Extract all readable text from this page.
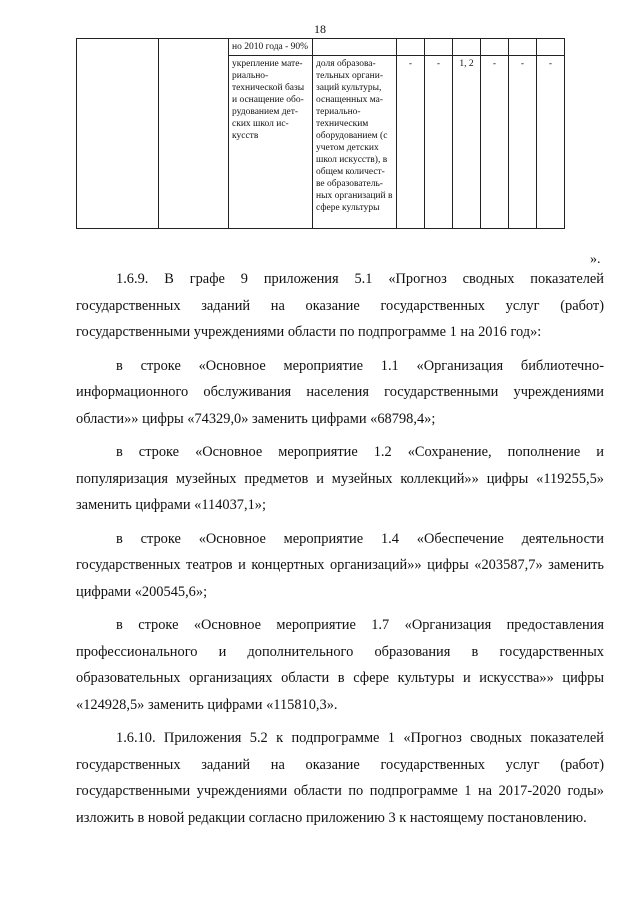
18
		но 2010 года - 90%							
		укрепление мате-риально-технической базы и оснащение обо-рудованием дет-ских школ ис-кусств	доля образова-тельных органи-заций культуры, оснащенных ма-териально-техническим оборудованием (с учетом детских школ искусств), в общем количест-ве образователь-ных организаций в сфере культуры	-	-	1, 2	-	-	-
».

1.6.9. В графе 9 приложения 5.1 «Прогноз сводных показателей государственных заданий на оказание государственных услуг (работ) государственными учреждениями области по подпрограмме 1 на 2016 год»:

в строке «Основное мероприятие 1.1 «Организация библиотечно-информационного обслуживания населения государственными учреждениями области»» цифры «74329,0» заменить цифрами «68798,4»;

в строке «Основное мероприятие 1.2 «Сохранение, пополнение и популяризация музейных предметов и музейных коллекций»» цифры «119255,5» заменить цифрами «114037,1»;

в строке «Основное мероприятие 1.4 «Обеспечение деятельности государственных театров и концертных организаций»» цифры «203587,7» заменить цифрами «200545,6»;

в строке «Основное мероприятие 1.7 «Организация предоставления профессионального и дополнительного образования в государственных образовательных организациях области в сфере культуры и искусства»» цифры «124928,5» заменить цифрами «115810,3».

1.6.10. Приложения 5.2 к подпрограмме 1 «Прогноз сводных показателей государственных заданий на оказание государственных услуг (работ) государственными учреждениями области по подпрограмме 1 на 2017-2020 годы» изложить в новой редакции согласно приложению 3 к настоящему постановлению.
